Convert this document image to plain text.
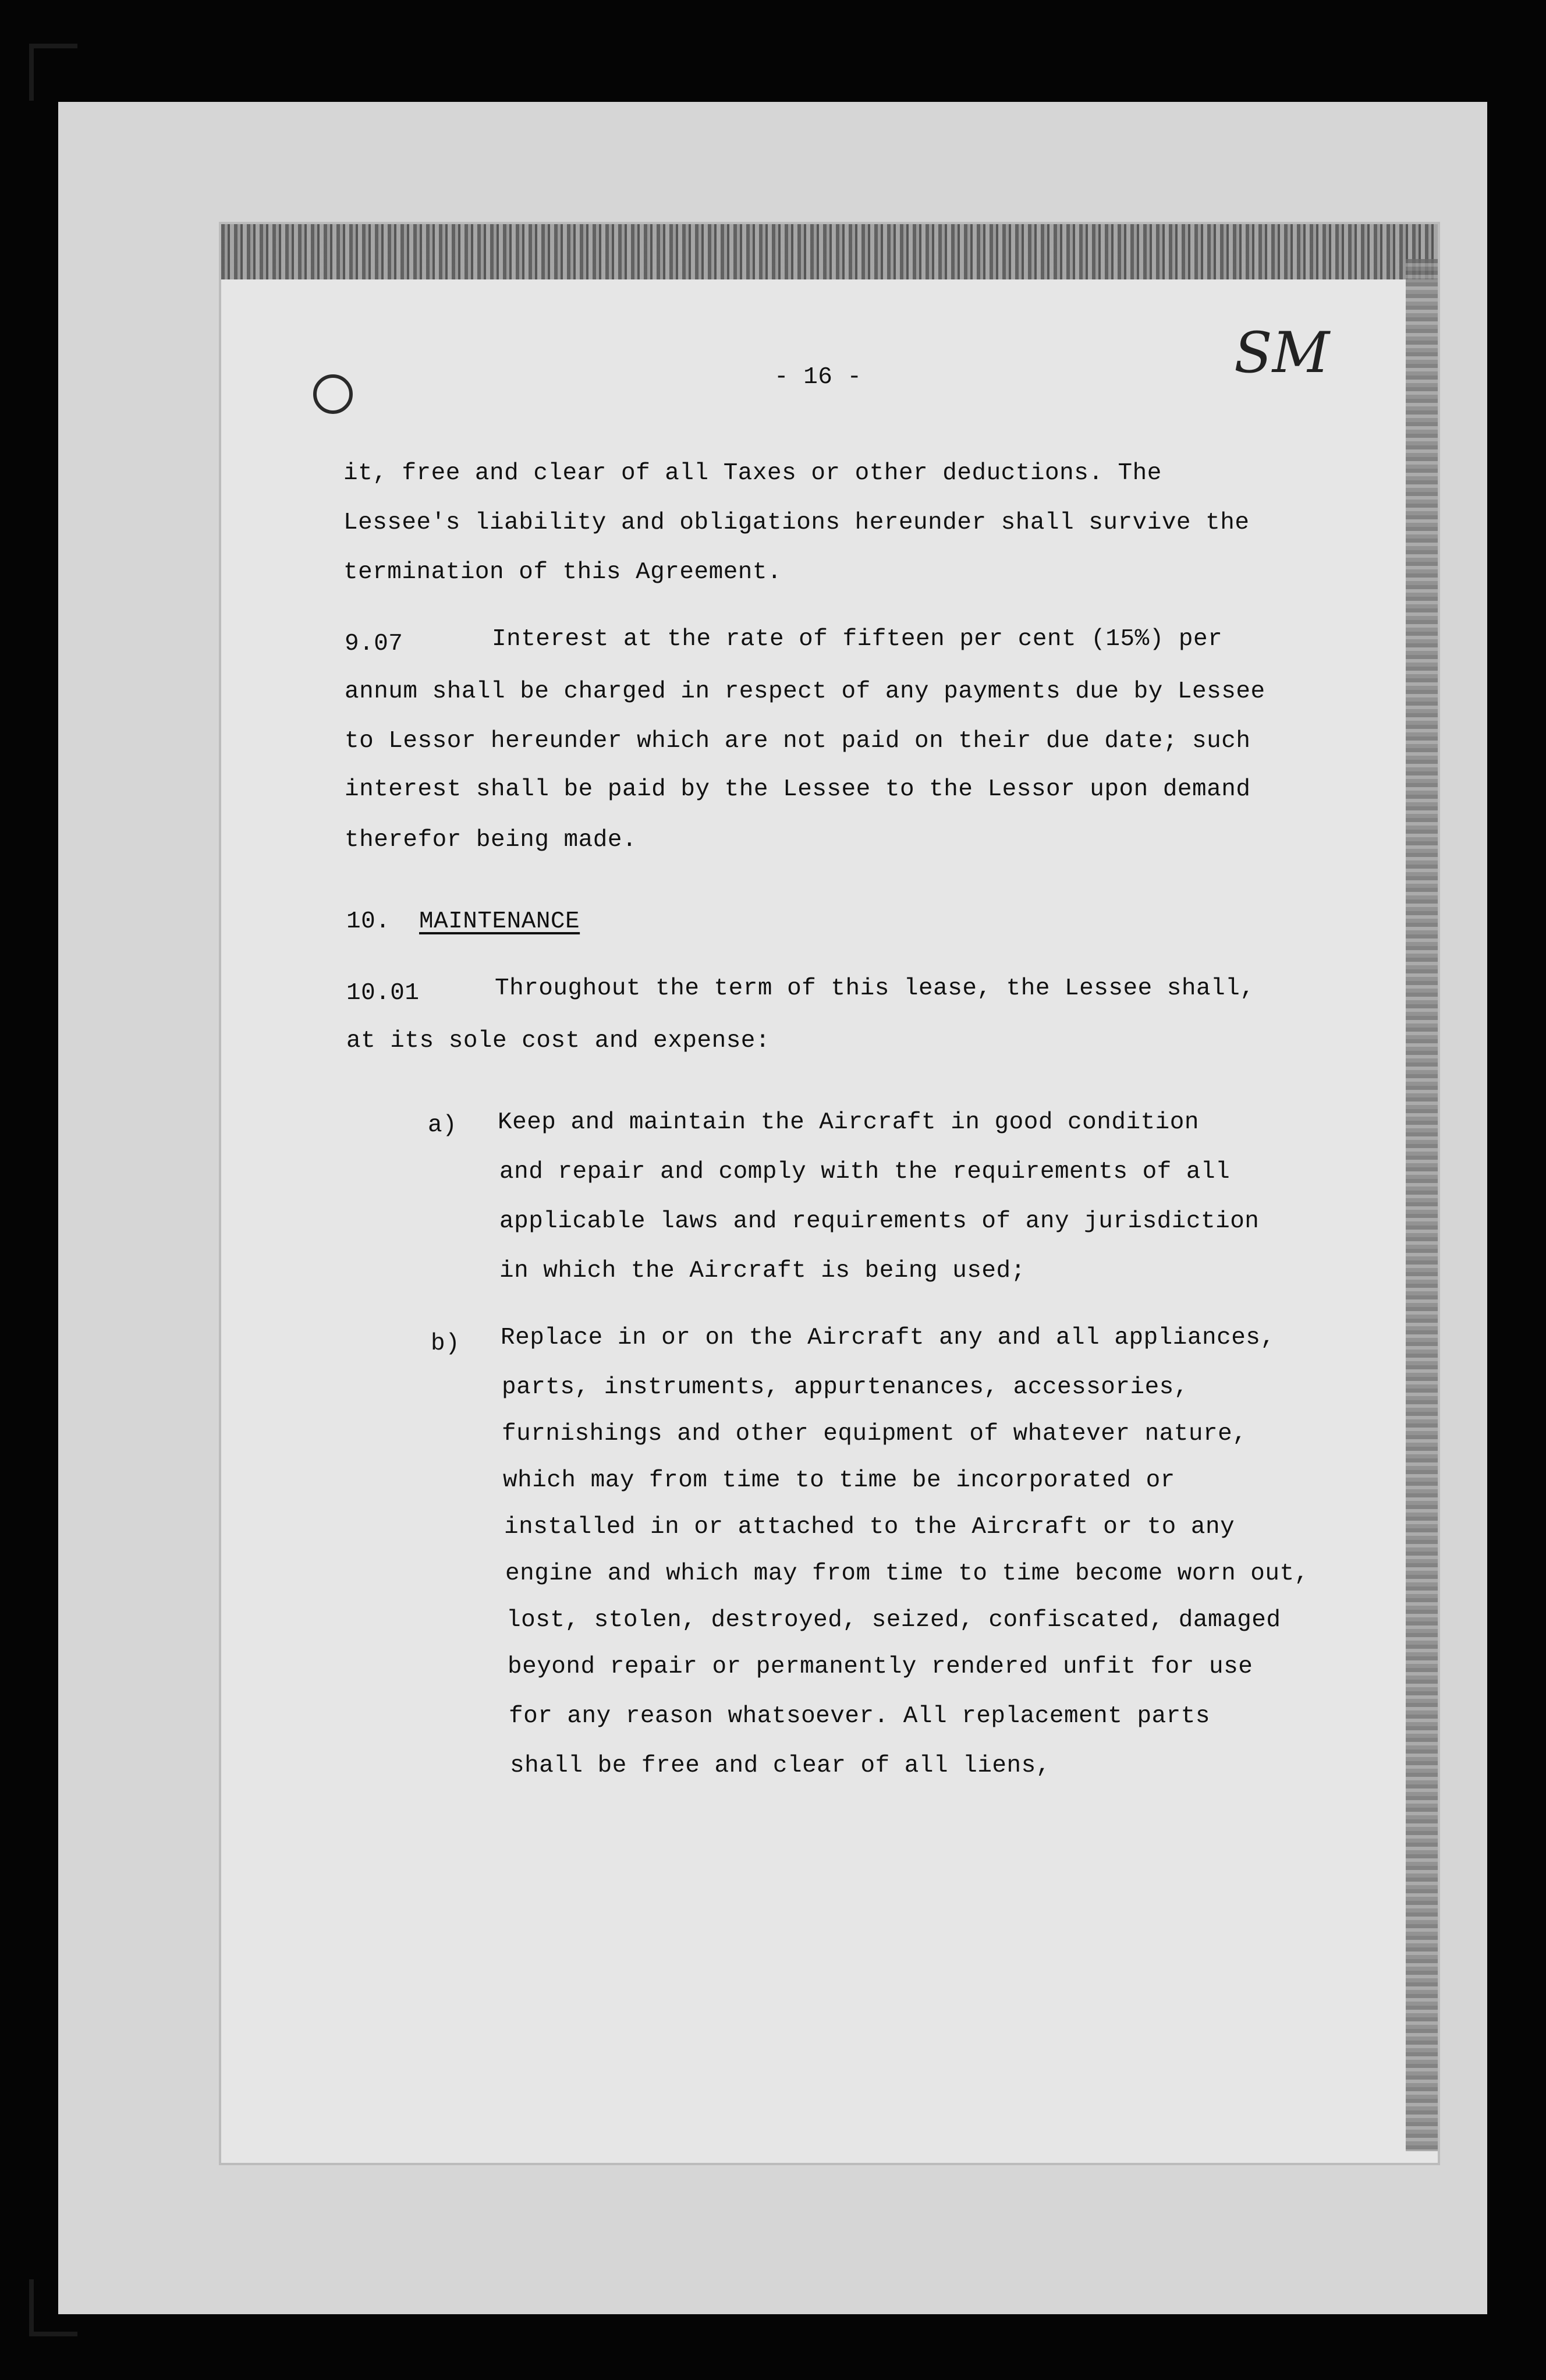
SM
- 16 -
it, free and clear of all Taxes or other deductions. The
Lessee's liability and obligations hereunder shall survive the
termination of this Agreement.
9.07	Interest at the rate of fifteen per cent (15%) per
annum shall be charged in respect of any payments due by Lessee
to Lessor hereunder which are not paid on their due date; such
interest shall be paid by the Lessee to the Lessor upon demand
therefor being made.
10. MAINTENANCE
10.01	Throughout the term of this lease, the Lessee shall,
at its sole cost and expense:
a) Keep and maintain the Aircraft in good condition
and repair and comply with the requirements of all
applicable laws and requirements of any jurisdiction
in which the Aircraft is being used;
b) Replace in or on the Aircraft any and all appliances,
parts, instruments, appurtenances, accessories,
furnishings and other equipment of whatever nature,
which may from time to time be incorporated or
installed in or attached to the Aircraft or to any
engine and which may from time to time become worn out,
lost, stolen, destroyed, seized, confiscated, damaged
beyond repair or permanently rendered unfit for use
for any reason whatsoever. All replacement parts
shall be free and clear of all liens,
